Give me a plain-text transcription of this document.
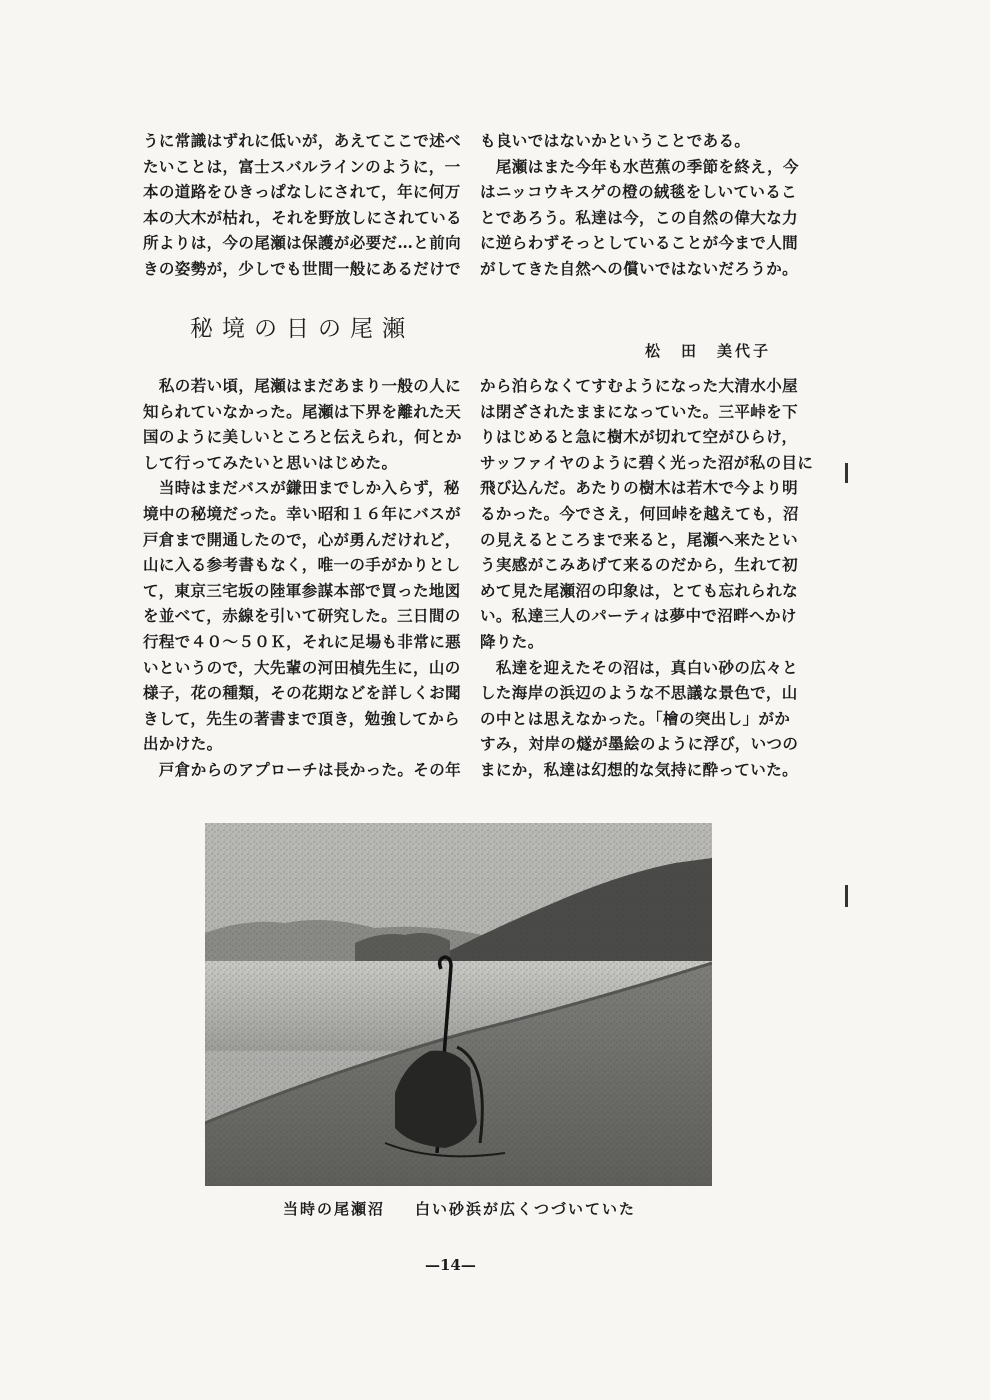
うに常識はずれに低いが，あえてここで述べ

たいことは，富士スバルラインのように，一

本の道路をひきっぱなしにされて，年に何万

本の大木が枯れ，それを野放しにされている

所よりは，今の尾瀬は保護が必要だ…と前向

きの姿勢が，少しでも世間一般にあるだけで

も良いではないかということである。

　尾瀬はまた今年も水芭蕉の季節を終え，今

はニッコウキスゲの橙の絨毯をしいているこ

とであろう。私達は今，この自然の偉大な力

に逆らわずそっとしていることが今まで人間

がしてきた自然への償いではないだろうか。

秘境の日の尾瀬
松　田　美代子

　私の若い頃，尾瀬はまだあまり一般の人に

知られていなかった。尾瀬は下界を離れた天

国のように美しいところと伝えられ，何とか

して行ってみたいと思いはじめた。

　当時はまだバスが鎌田までしか入らず，秘

境中の秘境だった。幸い昭和１６年にバスが

戸倉まで開通したので，心が勇んだけれど，

山に入る参考書もなく，唯一の手がかりとし

て，東京三宅坂の陸軍参謀本部で買った地図

を並べて，赤線を引いて研究した。三日間の

行程で４０〜５０Ｋ，それに足場も非常に悪

いというので，大先輩の河田楨先生に，山の

様子，花の種類，その花期などを詳しくお聞

きして，先生の著書まで頂き，勉強してから

出かけた。

　戸倉からのアプローチは長かった。その年

から泊らなくてすむようになった大清水小屋

は閉ざされたままになっていた。三平峠を下

りはじめると急に樹木が切れて空がひらけ，

サッファイヤのように碧く光った沼が私の目に

飛び込んだ。あたりの樹木は若木で今より明

るかった。今でさえ，何回峠を越えても，沼

の見えるところまで来ると，尾瀬へ来たとい

う実感がこみあげて来るのだから，生れて初

めて見た尾瀬沼の印象は，とても忘れられな

い。私達三人のパーティは夢中で沼畔へかけ

降りた。

　私達を迎えたその沼は，真白い砂の広々と

した海岸の浜辺のような不思議な景色で，山

の中とは思えなかった。「檜の突出し」がか

すみ，対岸の燧が墨絵のように浮び，いつの

まにか，私達は幻想的な気持に酔っていた。

当時の尾瀬沼 白い砂浜が広くつづいていた
—14—
